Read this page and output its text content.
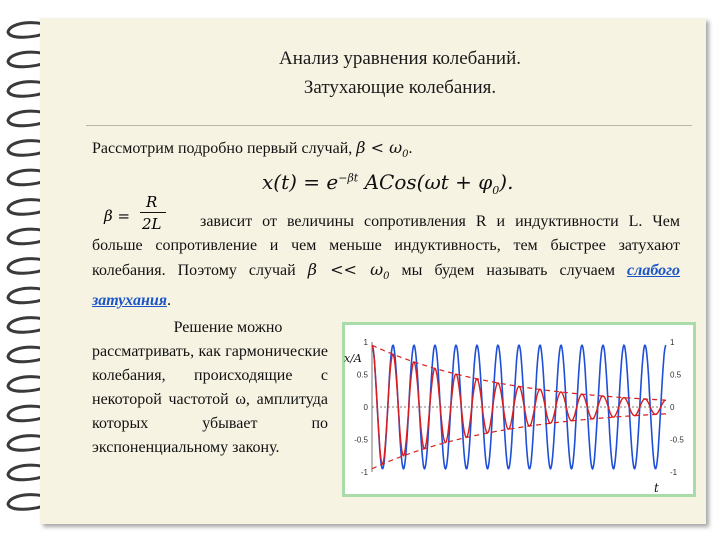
Анализ уравнения колебаний.
Затухающие колебания.
Рассмотрим подробно первый случай, $\beta < \omega_0$.
$x(t) = e^{-\beta t}$ ACos(ωt + $\varphi_0$).
β =
R
2L	зависит от величины сопротивления R и индуктивности L. Чем больше сопротивление и чем меньше индуктивность, тем быстрее затухают колебания. Поэтому случай $\beta << \omega_0$ мы будем называть случаем слабого затухания.
Решение можно
рассматривать, как гармонические колебания, происходящие с некоторой частотой ω, амплитуда которых убывает по экспоненциальному закону.
1
0.5
0
-0.5
-1
1
0.5
0
-0.5
-1
x/A
t
